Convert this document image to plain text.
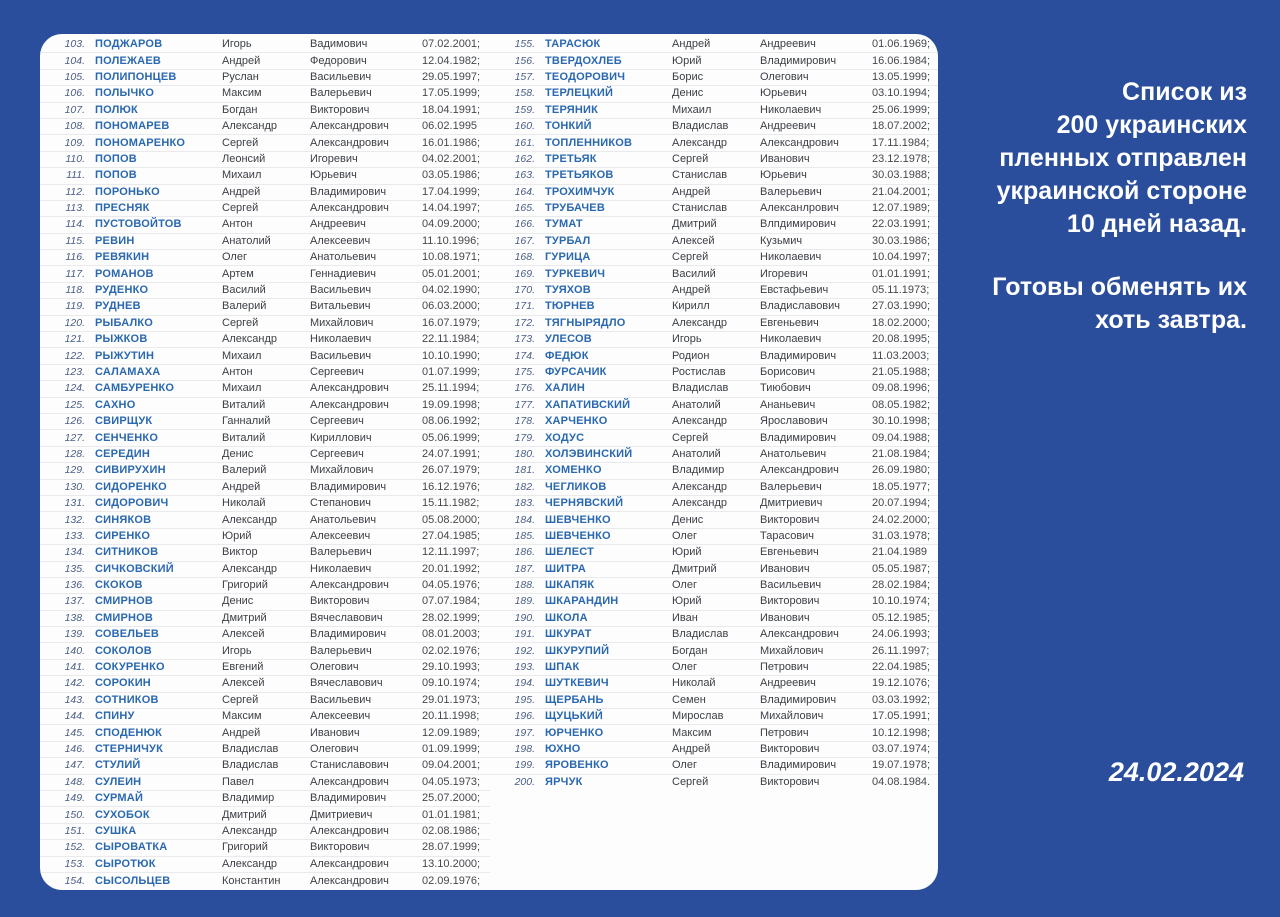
103. ПОДЖАРОВ	Игорь	Вадимович	07.02.2001;
104. ПОЛЕЖАЕВ	Андрей	Федорович	12.04.1982;
105. ПОЛИПОНЦЕВ	Руслан	Васильевич	29.05.1997;
106. ПОЛЫЧКО	Максим	Валерьевич	17.05.1999;
107. ПОЛЮК	Богдан	Викторович	18.04.1991;
108. ПОНОМАРЕВ	Александр	Александрович	06.02.1995
109. ПОНОМАРЕНКО	Сергей	Александрович	16.01.1986;
110. ПОПОВ	Леонсий	Игоревич	04.02.2001;
111. ПОПОВ	Михаил	Юрьевич	03.05.1986;
112. ПОРОНЬКО	Андрей	Владимирович	17.04.1999;
113. ПРЕСНЯК	Сергей	Александрович	14.04.1997;
114. ПУСТОВОЙТОВ	Антон	Андреевич	04.09.2000;
115. РЕВИН	Анатолий	Алексеевич	11.10.1996;
116. РЕВЯКИН	Олег	Анатольевич	10.08.1971;
117. РОМАНОВ	Артем	Геннадиевич	05.01.2001;
118. РУДЕНКО	Василий	Васильевич	04.02.1990;
119. РУДНЕВ	Валерий	Витальевич	06.03.2000;
120. РЫБАЛКО	Сергей	Михайлович	16.07.1979;
121. РЫЖКОВ	Александр	Николаевич	22.11.1984;
122. РЫЖУТИН	Михаил	Васильевич	10.10.1990;
123. САЛАМАХА	Антон	Сергеевич	01.07.1999;
124. САМБУРЕНКО	Михаил	Александрович	25.11.1994;
125. САХНО	Виталий	Александрович	19.09.1998;
126. СВИРЩУК	Ганналий	Сергеевич	08.06.1992;
127. СЕНЧЕНКО	Виталий	Кириллович	05.06.1999;
128. СЕРЕДИН	Денис	Сергеевич	24.07.1991;
129. СИВИРУХИН	Валерий	Михайлович	26.07.1979;
130. СИДОРЕНКО	Андрей	Владимирович	16.12.1976;
131. СИДОРОВИЧ	Николай	Степанович	15.11.1982;
132. СИНЯКОВ	Александр	Анатольевич	05.08.2000;
133. СИРЕНКО	Юрий	Алексеевич	27.04.1985;
134. СИТНИКОВ	Виктор	Валерьевич	12.11.1997;
135. СИЧКОВСКИЙ	Александр	Николаевич	20.01.1992;
136. СКОКОВ	Григорий	Александрович	04.05.1976;
137. СМИРНОВ	Денис	Викторович	07.07.1984;
138. СМИРНОВ	Дмитрий	Вячеславович	28.02.1999;
139. СОВЕЛЬЕВ	Алексей	Владимирович	08.01.2003;
140. СОКОЛОВ	Игорь	Валерьевич	02.02.1976;
141. СОКУРЕНКО	Евгений	Олегович	29.10.1993;
142. СОРОКИН	Алексей	Вячеславович	09.10.1974;
143. СОТНИКОВ	Сергей	Васильевич	29.01.1973;
144. СПИНУ	Максим	Алексеевич	20.11.1998;
145. СПОДЕНЮК	Андрей	Иванович	12.09.1989;
146. СТЕРНИЧУК	Владислав	Олегович	01.09.1999;
147. СТУЛИЙ	Владислав	Станиславович	09.04.2001;
148. СУЛЕИН	Павел	Александрович	04.05.1973;
149. СУРМАЙ	Владимир	Владимирович	25.07.2000;
150. СУХОБОК	Дмитрий	Дмитриевич	01.01.1981;
151. СУШКА	Александр	Александрович	02.08.1986;
152. СЫРОВАТКА	Григорий	Викторович	28.07.1999;
153. СЫРОТЮК	Александр	Александрович	13.10.2000;
154. СЫСОЛЬЦЕВ	Константин	Александрович	02.09.1976;
155. ТАРАСЮК	Андрей	Андреевич	01.06.1969;
156. ТВЕРДОХЛЕБ	Юрий	Владимирович	16.06.1984;
157. ТЕОДОРОВИЧ	Борис	Олегович	13.05.1999;
158. ТЕРЛЕЦКИЙ	Денис	Юрьевич	03.10.1994;
159. ТЕРЯНИК	Михаил	Николаевич	25.06.1999;
160. ТОНКИЙ	Владислав	Андреевич	18.07.2002;
161. ТОПЛЕННИКОВ	Александр	Александрович	17.11.1984;
162. ТРЕТЬЯК	Сергей	Иванович	23.12.1978;
163. ТРЕТЬЯКОВ	Станислав	Юрьевич	30.03.1988;
164. ТРОХИМЧУК	Андрей	Валерьевич	21.04.2001;
165. ТРУБАЧЕВ	Станислав	Алексанлрович	12.07.1989;
166. ТУМАТ	Дмитрий	Влпдимирович	22.03.1991;
167. ТУРБАЛ	Алексей	Кузьмич	30.03.1986;
168. ГУРИЦА	Сергей	Николаевич	10.04.1997;
169. ТУРКЕВИЧ	Василий	Игоревич	01.01.1991;
170. ТУЯХОВ	Андрей	Евстафьевич	05.11.1973;
171. ТЮРНЕВ	Кирилл	Владиславович	27.03.1990;
172. ТЯГНЫРЯДЛО	Александр	Евгеньевич	18.02.2000;
173. УЛЕСОВ	Игорь	Николаевич	20.08.1995;
174. ФЕДЮК	Родион	Владимирович	11.03.2003;
175. ФУРСАЧИК	Ростислав	Борисович	21.05.1988;
176. ХАЛИН	Владислав	Тиюбович	09.08.1996;
177. ХАПАТИВСКИЙ	Анатолий	Ананьевич	08.05.1982;
178. ХАРЧЕНКО	Александр	Ярославович	30.10.1998;
179. ХОДУС	Сергей	Владимирович	09.04.1988;
180. ХОЛЭВИНСКИЙ	Анатолий	Анатольевич	21.08.1984;
181. ХОМЕНКО	Владимир	Александрович	26.09.1980;
182. ЧЕГЛИКОВ	Александр	Валерьевич	18.05.1977;
183. ЧЕРНЯВСКИЙ	Александр	Дмитриевич	20.07.1994;
184. ШЕВЧЕНКО	Денис	Викторович	24.02.2000;
185. ШЕВЧЕНКО	Олег	Тарасович	31.03.1978;
186. ШЕЛЕСТ	Юрий	Евгеньевич	21.04.1989
187. ШИТРА	Дмитрий	Иванович	05.05.1987;
188. ШКАПЯК	Олег	Васильевич	28.02.1984;
189. ШКАРАНДИН	Юрий	Викторович	10.10.1974;
190. ШКОЛА	Иван	Иванович	05.12.1985;
191. ШКУРАТ	Владислав	Александрович	24.06.1993;
192. ШКУРУПИЙ	Богдан	Михайлович	26.11.1997;
193. ШПАК	Олег	Петрович	22.04.1985;
194. ШУТКЕВИЧ	Николай	Андреевич	19.12.1076;
195. ЩЕРБАНЬ	Семен	Владимирович	03.03.1992;
196. ЩУЦЬКИЙ	Мирослав	Михайлович	17.05.1991;
197. ЮРЧЕНКО	Максим	Петрович	10.12.1998;
198. ЮХНО	Андрей	Викторович	03.07.1974;
199. ЯРОВЕНКО	Олег	Владимирович	19.07.1978;
200. ЯРЧУК	Сергей	Викторович	04.08.1984.
Список из
200 украинских
пленных отправлен
украинской стороне
10 дней назад.
Готовы обменять их
хоть завтра.
24.02.2024
